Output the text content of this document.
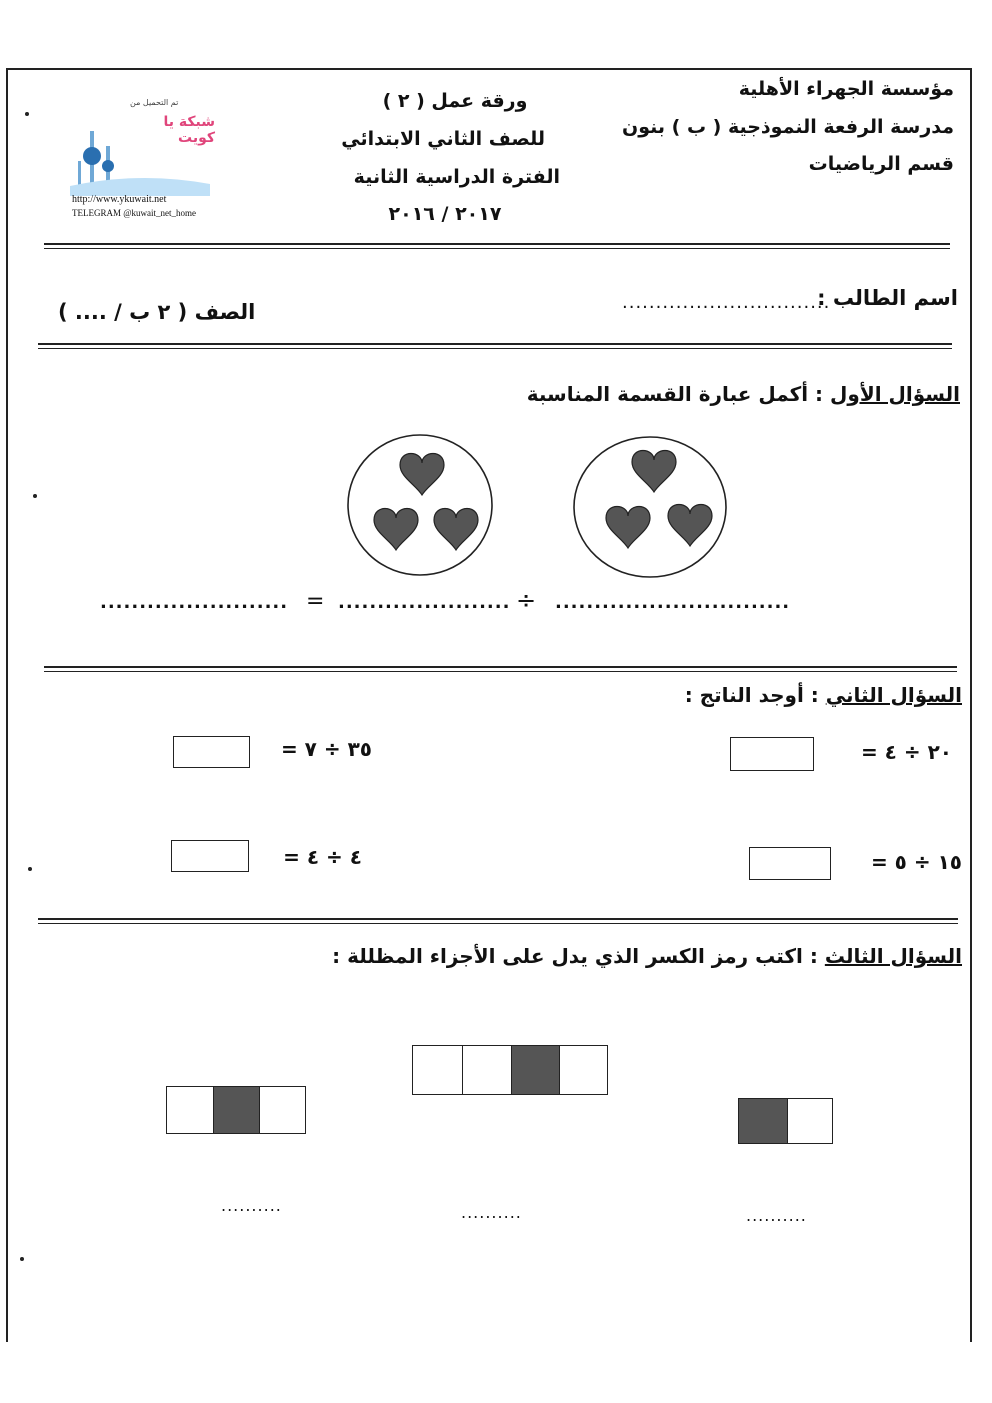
مؤسسة الجهراء الأهلية
مدرسة الرفعة النموذجية ( ب ) بنون
قسم الرياضيات
ورقة عمل ( ٢ )
للصف الثاني الابتدائي
الفترة الدراسية الثانية
٢٠١٧ / ٢٠١٦
تم التحميل من
شبكة يا كويت
http://www.ykuwait.net
TELEGRAM @kuwait_net_home
اسم الطالب :
...............................
الصف ( ٢ ب / .... )
السؤال الأول : أكمل عبارة القسمة المناسبة
..............................
÷
......................
=
........................
السؤال الثاني : أوجد الناتج :
٢٠ ÷ ٤ =
٣٥ ÷ ٧ =
١٥ ÷ ٥ =
٤ ÷ ٤ =
السؤال الثالث : اكتب رمز الكسر الذي يدل على الأجزاء المظللة :
..........
..........
..........
